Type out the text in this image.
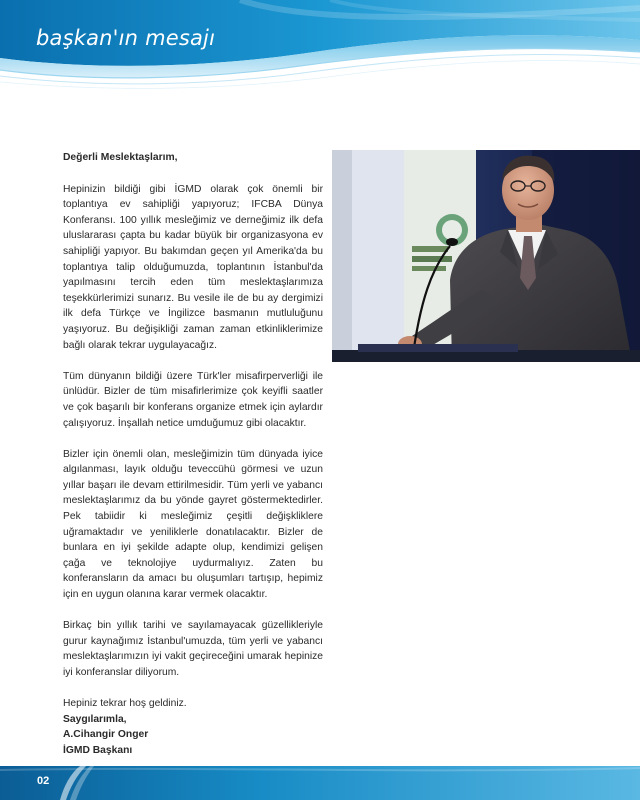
başkan'ın mesajı

Değerli Meslektaşlarım,

Hepinizin bildiği gibi İGMD olarak çok önemli bir toplantıya ev sahipliği yapıyoruz; IFCBA Dünya Konferansı. 100 yıllık mesleğimiz ve derneğimiz ilk defa uluslararası çapta bu kadar büyük bir organizasyona ev sahipliği yapıyor. Bu bakımdan geçen yıl Amerika'da bu toplantıya talip olduğumuzda, toplantının İstanbul'da yapılmasını tercih eden tüm meslektaşlarımıza teşekkürlerimizi sunarız. Bu vesile ile de bu ay dergimizi ilk defa Türkçe ve İngilizce basmanın mutluluğunu yaşıyoruz. Bu değişikliği zaman zaman etkinliklerimize bağlı olarak tekrar uygulayacağız.

Tüm dünyanın bildiği üzere Türk'ler misafirperverliği ile ünlüdür. Bizler de tüm misafirlerimize çok keyifli saatler ve çok başarılı bir konferans organize etmek için aylardır çalışıyoruz. İnşallah netice umduğumuz gibi olacaktır.

Bizler için önemli olan, mesleğimizin tüm dünyada iyice algılanması, layık olduğu teveccühü görmesi ve uzun yıllar başarı ile devam ettirilmesidir. Tüm yerli ve yabancı meslektaşlarımız da bu yönde gayret göstermektedirler. Pek tabiidir ki mesleğimiz çeşitli değişkliklere uğramaktadır ve yeniliklerle donatılacaktır. Bizler de bunlara en iyi şekilde adapte olup, kendimizi gelişen çağa ve teknolojiye uydurmalıyız. Zaten bu konferansların da amacı bu oluşumları tartışıp, hepimiz için en uygun olanına karar vermek olacaktır.

Birkaç bin yıllık tarihi ve sayılamayacak güzellikleriyle gurur kaynağımız İstanbul'umuzda, tüm yerli ve yabancı meslektaşlarımızın iyi vakit geçireceğini umarak hepinize iyi konferanslar diliyorum.

Hepiniz tekrar hoş geldiniz.

Saygılarımla,

A.Cihangir Onger

İGMD Başkanı

02
